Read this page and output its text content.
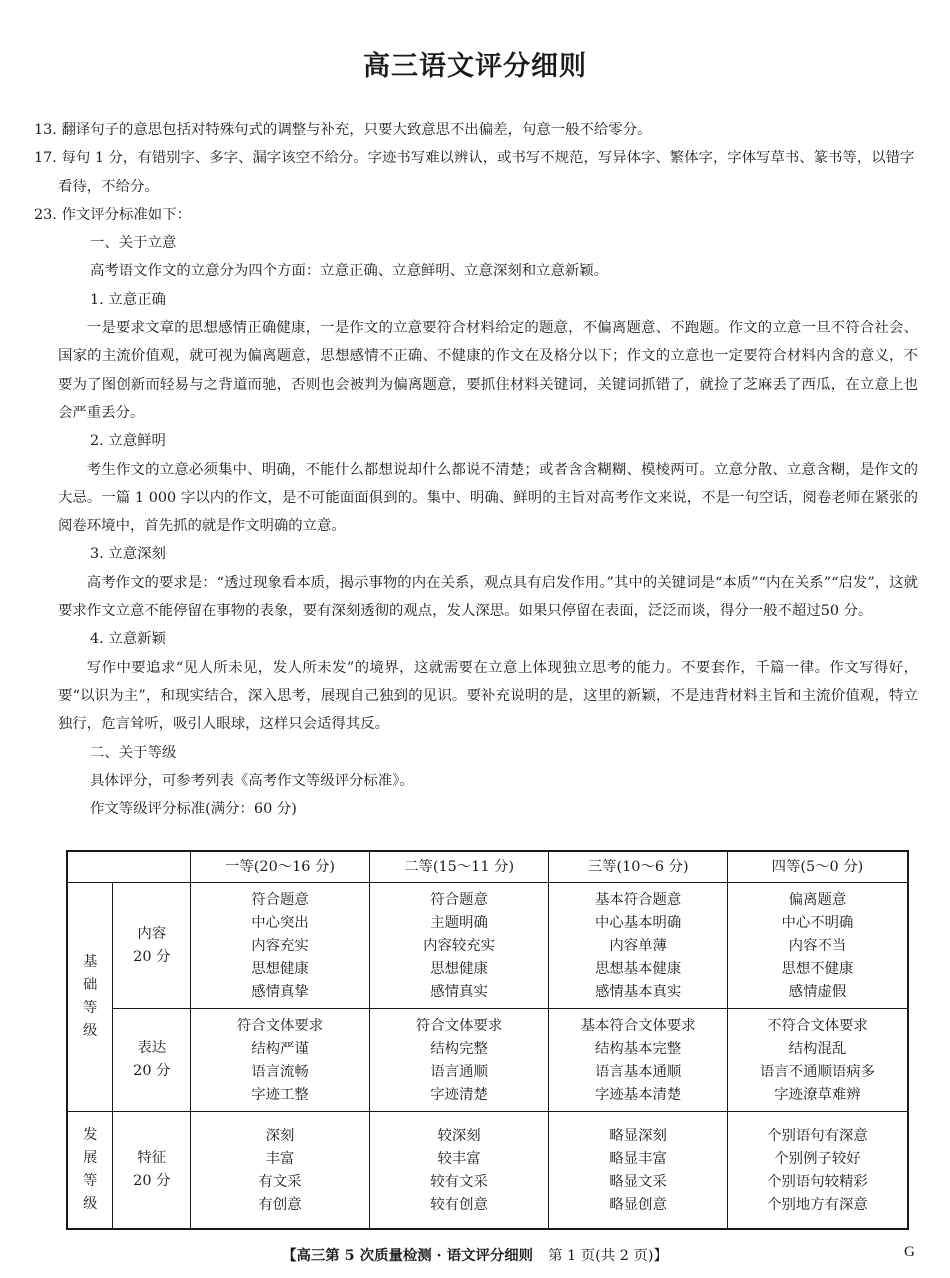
高三语文评分细则

13. 翻译句子的意思包括对特殊句式的调整与补充，只要大致意思不出偏差，句意一般不给零分。

17. 每句 1 分，有错别字、多字、漏字该空不给分。字迹书写难以辨认，或书写不规范，写异体字、繁体字，字体写草书、篆书等，以错字

看待，不给分。

23. 作文评分标准如下：

一、关于立意

高考语文作文的立意分为四个方面：立意正确、立意鲜明、立意深刻和立意新颖。

1. 立意正确

一是要求文章的思想感情正确健康，一是作文的立意要符合材料给定的题意，不偏离题意、不跑题。作文的立意一旦不符合社会、国家的主流价值观，就可视为偏离题意，思想感情不正确、不健康的作文在及格分以下；作文的立意也一定要符合材料内含的意义，不要为了图创新而轻易与之背道而驰，否则也会被判为偏离题意，要抓住材料关键词，关键词抓错了，就捡了芝麻丢了西瓜，在立意上也会严重丢分。

2. 立意鲜明

考生作文的立意必须集中、明确，不能什么都想说却什么都说不清楚；或者含含糊糊、模棱两可。立意分散、立意含糊，是作文的大忌。一篇 1 000 字以内的作文，是不可能面面俱到的。集中、明确、鲜明的主旨对高考作文来说，不是一句空话，阅卷老师在紧张的阅卷环境中，首先抓的就是作文明确的立意。

3. 立意深刻

高考作文的要求是：“透过现象看本质，揭示事物的内在关系，观点具有启发作用。”其中的关键词是“本质”“内在关系”“启发”，这就要求作文立意不能停留在事物的表象，要有深刻透彻的观点，发人深思。如果只停留在表面，泛泛而谈，得分一般不超过50 分。

4. 立意新颖

写作中要追求“见人所未见，发人所未发”的境界，这就需要在立意上体现独立思考的能力。不要套作，千篇一律。作文写得好，要“以识为主”，和现实结合，深入思考，展现自己独到的见识。要补充说明的是，这里的新颖，不是违背材料主旨和主流价值观，特立独行，危言耸听，吸引人眼球，这样只会适得其反。

二、关于等级

具体评分，可参考列表《高考作文等级评分标准》。

作文等级评分标准(满分：60 分)

		一等(20～16 分)	二等(15～11 分)	三等(10～6 分)	四等(5～0 分)

基
础
等
级	内容
20 分	符合题意
中心突出
内容充实
思想健康
感情真挚	符合题意
主题明确
内容较充实
思想健康
感情真实	基本符合题意
中心基本明确
内容单薄
思想基本健康
感情基本真实	偏离题意
中心不明确
内容不当
思想不健康
感情虚假

	表达
20 分	符合文体要求
结构严谨
语言流畅
字迹工整	符合文体要求
结构完整
语言通顺
字迹清楚	基本符合文体要求
结构基本完整
语言基本通顺
字迹基本清楚	不符合文体要求
结构混乱
语言不通顺语病多
字迹潦草难辨

发
展
等
级	特征
20 分	深刻
丰富
有文采
有创意	较深刻
较丰富
较有文采
较有创意	略显深刻
略显丰富
略显文采
略显创意	个别语句有深意
个别例子较好
个别语句较精彩
个别地方有深意
【高三第 5 次质量检测 · 语文评分细则 第 1 页(共 2 页)】	G
